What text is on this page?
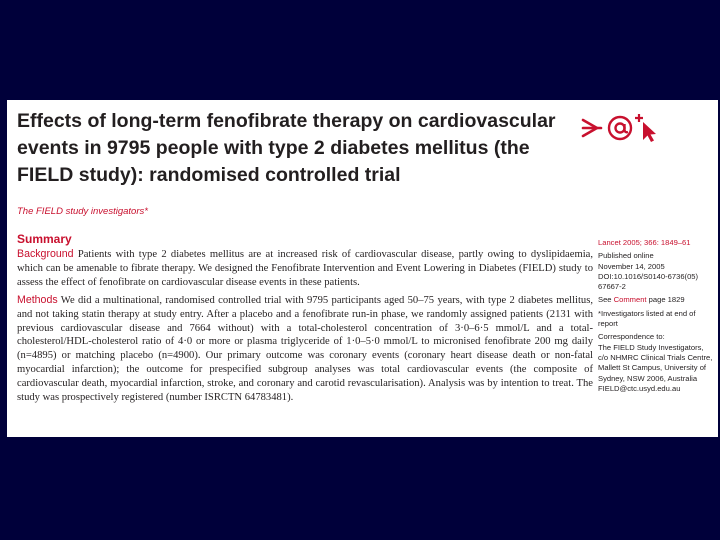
Effects of long-term fenofibrate therapy on cardiovascular
events in 9795 people with type 2 diabetes mellitus (the
FIELD study): randomised controlled trial
The FIELD study investigators*
Summary

Background Patients with type 2 diabetes mellitus are at increased risk of cardiovascular disease, partly owing to dyslipidaemia, which can be amenable to fibrate therapy. We designed the Fenofibrate Intervention and Event Lowering in Diabetes (FIELD) study to assess the effect of fenofibrate on cardiovascular disease events in these patients.

Methods We did a multinational, randomised controlled trial with 9795 participants aged 50–75 years, with type 2 diabetes mellitus, and not taking statin therapy at study entry. After a placebo and a fenofibrate run-in phase, we randomly assigned patients (2131 with previous cardiovascular disease and 7664 without) with a total-cholesterol concentration of 3·0–6·5 mmol/L and a total-cholesterol/HDL-cholesterol ratio of 4·0 or more or plasma triglyceride of 1·0–5·0 mmol/L to micronised fenofibrate 200 mg daily (n=4895) or matching placebo (n=4900). Our primary outcome was coronary events (coronary heart disease death or non-fatal myocardial infarction); the outcome for prespecified subgroup analyses was total cardiovascular events (the composite of cardiovascular death, myocardial infarction, stroke, and coronary and carotid revascularisation). Analysis was by intention to treat. The study was prospectively registered (number ISRCTN 64783481).

Lancet 2005; 366: 1849–61
Published online
November 14, 2005
DOI:10.1016/S0140-6736(05)
67667-2
See Comment page 1829
*Investigators listed at end of report
Correspondence to:
The FIELD Study Investigators,
c/o NHMRC Clinical Trials Centre,
Mallett St Campus, University of
Sydney, NSW 2006, Australia
FIELD@ctc.usyd.edu.au
